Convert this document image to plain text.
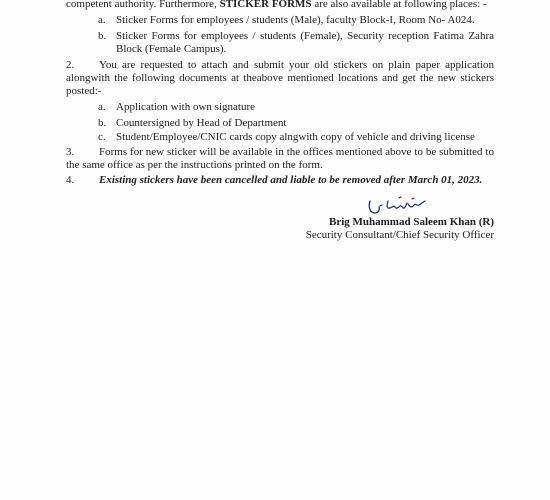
competent authority. Furthermore, STICKER FORMS are also available at following places: -
a. Sticker Forms for employees / students (Male), faculty Block-I, Room No- A024.
b. Sticker Forms for employees / students (Female), Security reception Fatima Zahra
Block (Female Campus).
2. You are requested to attach and submit your old stickers on plain paper application
alongwith the following documents at theabove mentioned locations and get the new stickers
posted:-
a. Application with own signature
b. Countersigned by Head of Department
c. Student/Employee/CNIC cards copy alngwith copy of vehicle and driving license
3. Forms for new sticker will be available in the offices mentioned above to be submitted to
the same office as per the instructions printed on the form.
4. Existing stickers have been cancelled and liable to be removed after March 01, 2023.
Brig Muhammad Saleem Khan (R)
Security Consultant/Chief Security Officer
